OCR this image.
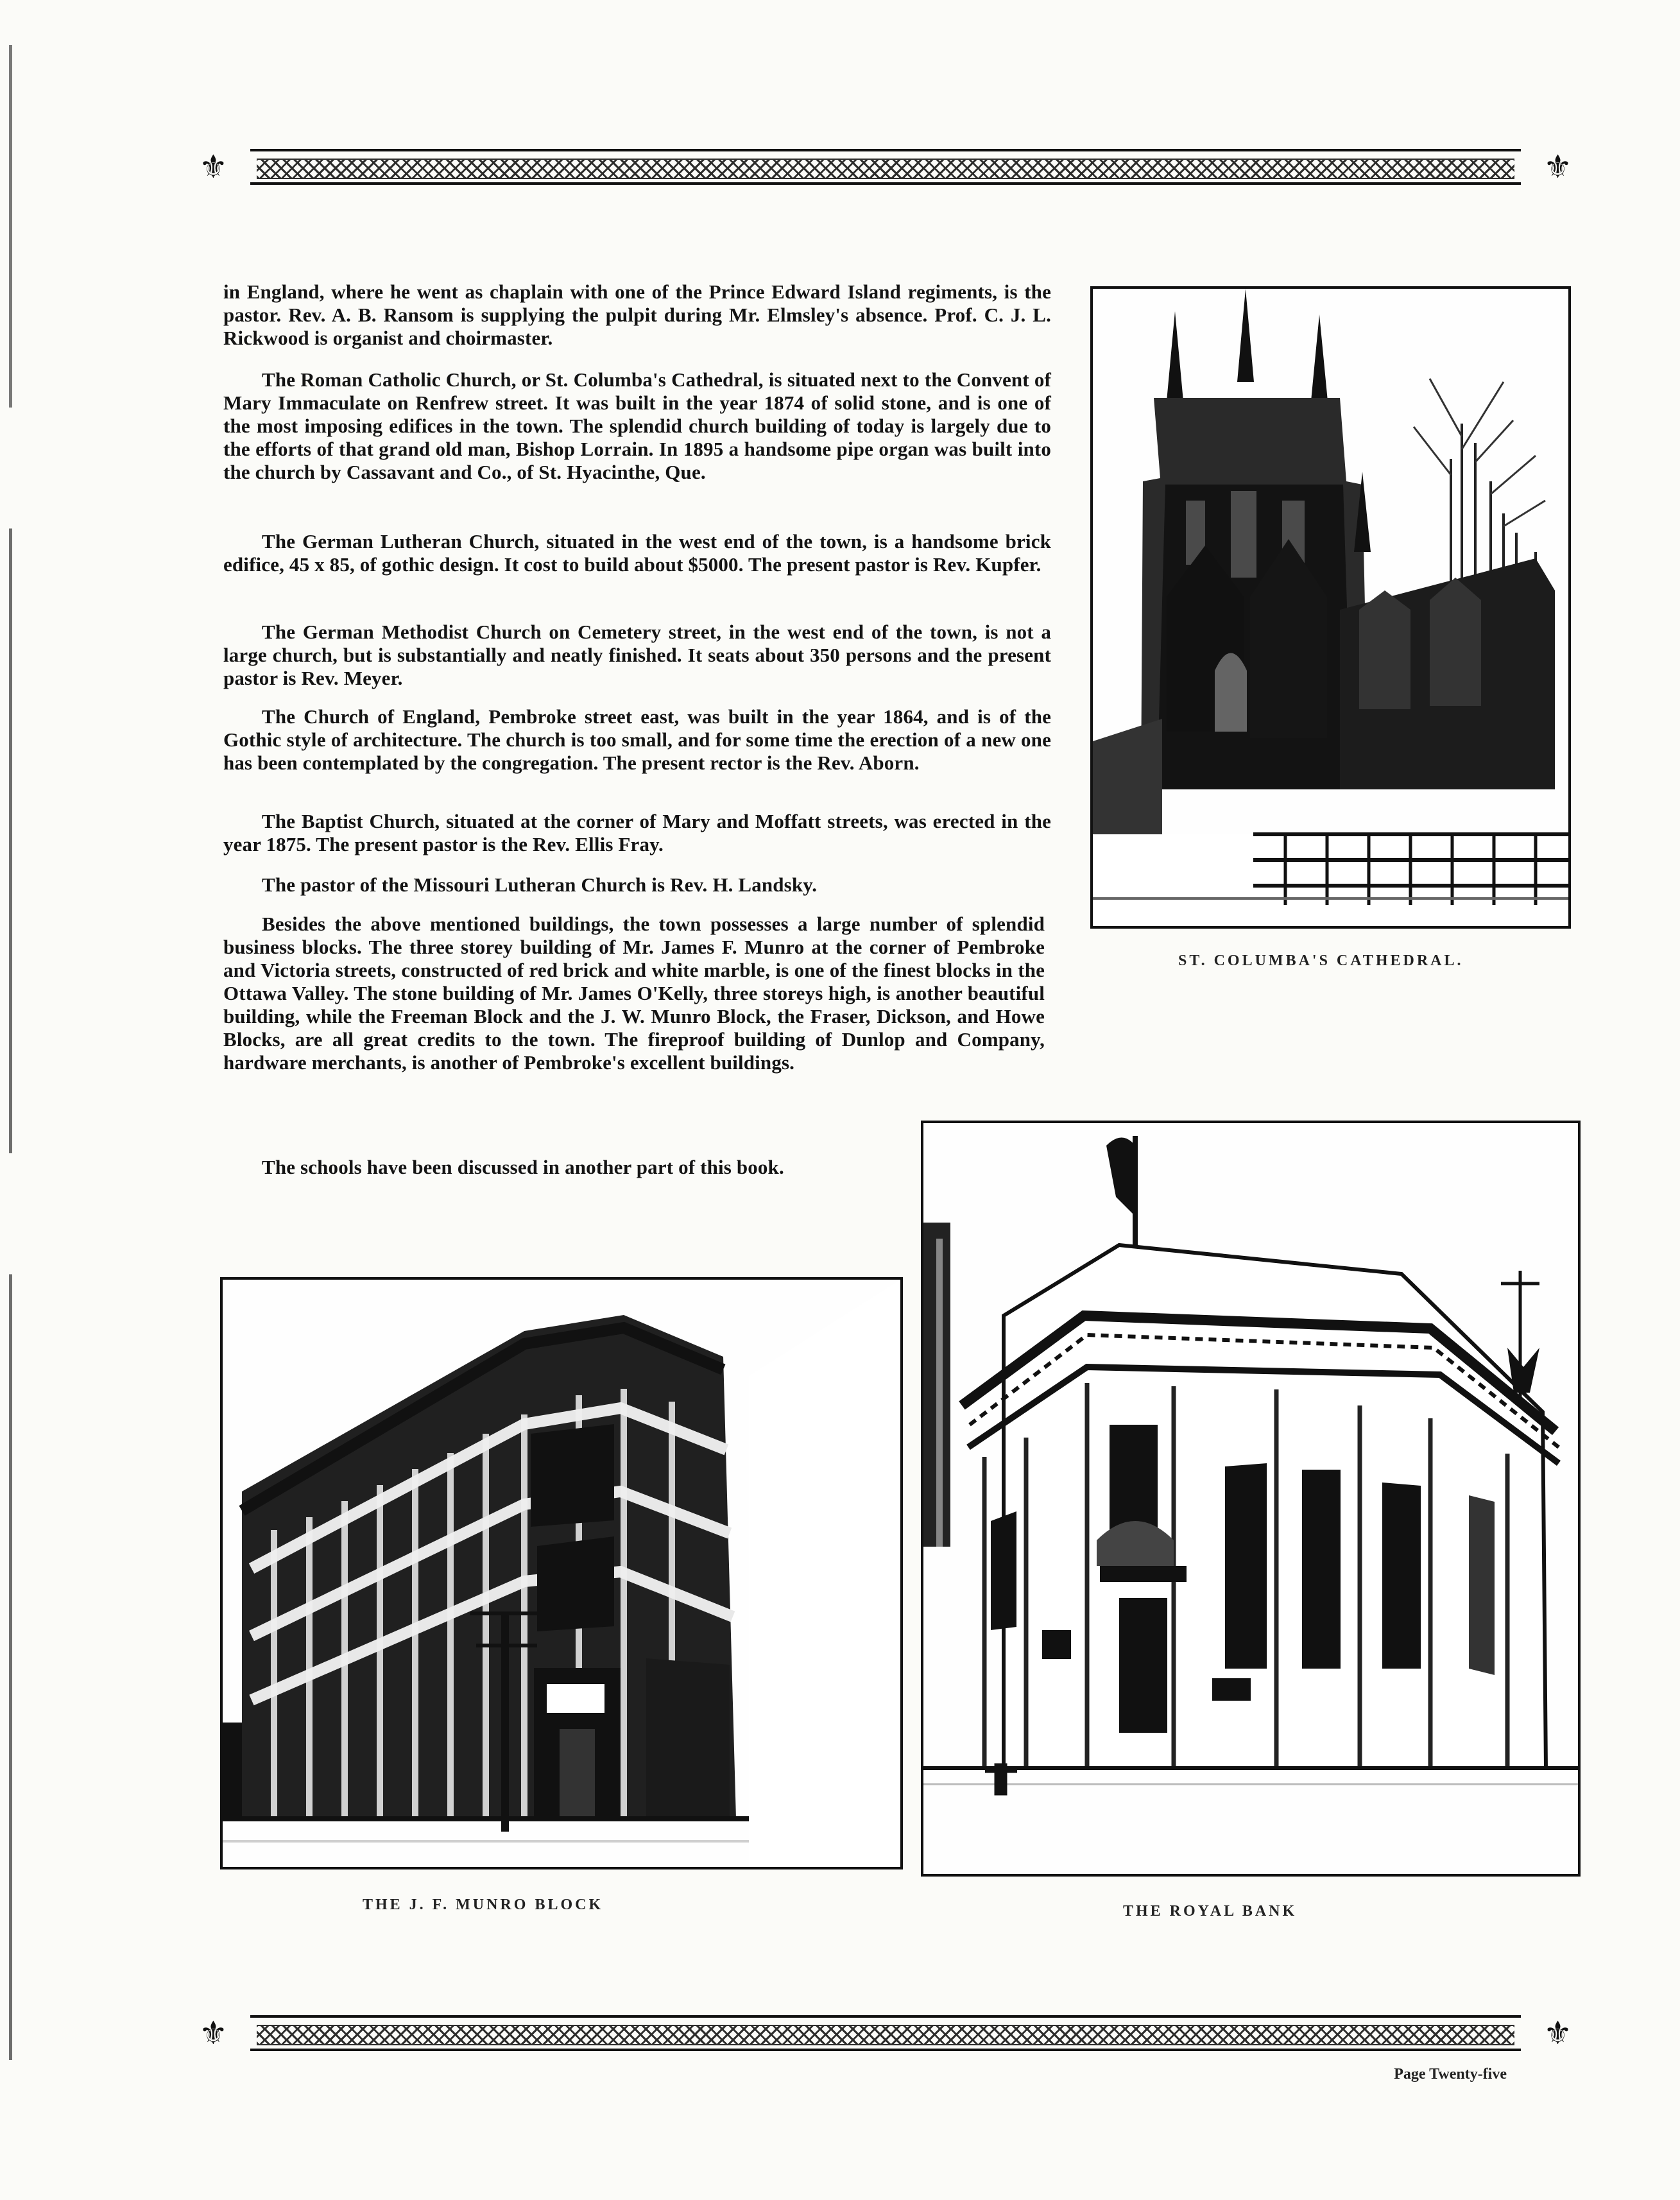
⚜	⚜

in England, where he went as chaplain with one of the Prince Edward Island regiments, is the pastor. Rev. A. B. Ransom is supplying the pulpit during Mr. Elmsley's absence. Prof. C. J. L. Rickwood is organist and choirmaster.

The Roman Catholic Church, or St. Columba's Cathedral, is situated next to the Convent of Mary Immaculate on Renfrew street. It was built in the year 1874 of solid stone, and is one of the most imposing edifices in the town. The splendid church building of today is largely due to the efforts of that grand old man, Bishop Lorrain. In 1895 a handsome pipe organ was built into the church by Cassavant and Co., of St. Hyacinthe, Que.

The German Lutheran Church, situated in the west end of the town, is a handsome brick edifice, 45 x 85, of gothic design. It cost to build about $5000. The present pastor is Rev. Kupfer.

The German Methodist Church on Cemetery street, in the west end of the town, is not a large church, but is substantially and neatly finished. It seats about 350 persons and the present pastor is Rev. Meyer.

The Church of England, Pembroke street east, was built in the year 1864, and is of the Gothic style of architecture. The church is too small, and for some time the erection of a new one has been contemplated by the congregation. The present rector is the Rev. Aborn.

The Baptist Church, situated at the corner of Mary and Moffatt streets, was erected in the year 1875. The present pastor is the Rev. Ellis Fray.

The pastor of the Missouri Lutheran Church is Rev. H. Landsky.

Besides the above mentioned buildings, the town possesses a large number of splendid business blocks. The three storey building of Mr. James F. Munro at the corner of Pembroke and Victoria streets, constructed of red brick and white marble, is one of the finest blocks in the Ottawa Valley. The stone building of Mr. James O'Kelly, three storeys high, is another beautiful building, while the Freeman Block and the J. W. Munro Block, the Fraser, Dickson, and Howe Blocks, are all great credits to the town. The fireproof building of Dunlop and Company, hardware merchants, is another of Pembroke's excellent buildings.

The schools have been discussed in another part of this book.

ST. COLUMBA'S CATHEDRAL.

THE J. F. MUNRO BLOCK	THE ROYAL BANK

⚜	⚜

Page Twenty-five
